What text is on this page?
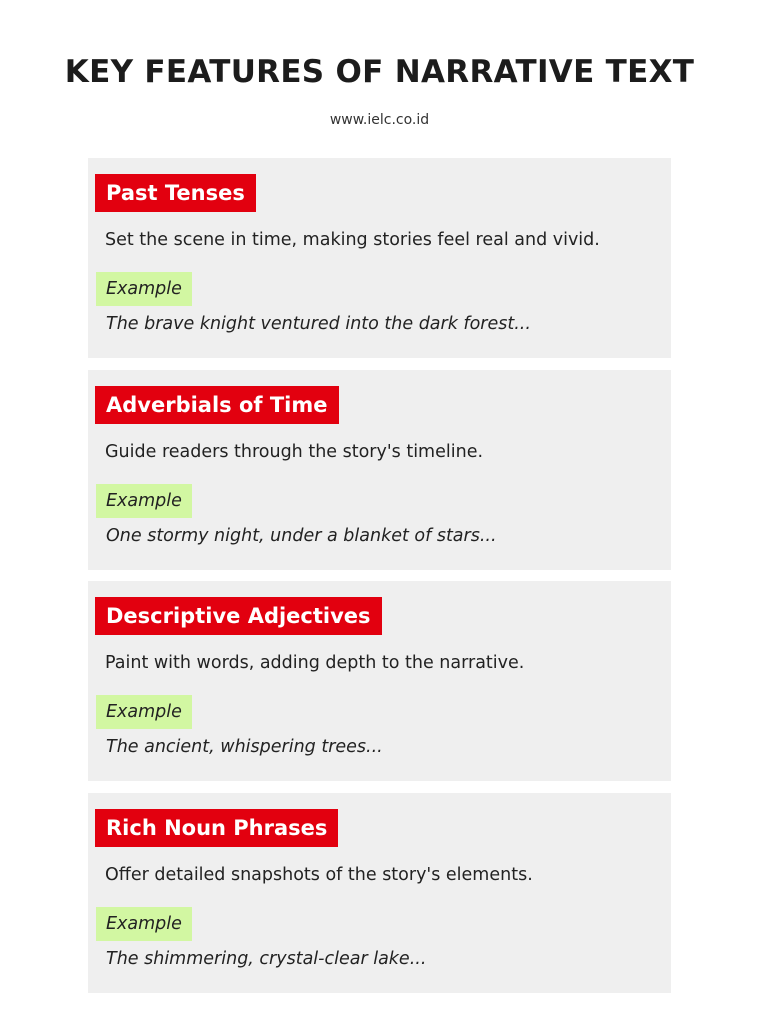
KEY FEATURES OF NARRATIVE TEXT
www.ielc.co.id
Past Tenses
Set the scene in time, making stories feel real and vivid.
Example
The brave knight ventured into the dark forest...
Adverbials of Time
Guide readers through the story's timeline.
Example
One stormy night, under a blanket of stars...
Descriptive Adjectives
Paint with words, adding depth to the narrative.
Example
The ancient, whispering trees...
Rich Noun Phrases
Offer detailed snapshots of the story's elements.
Example
The shimmering, crystal-clear lake...
